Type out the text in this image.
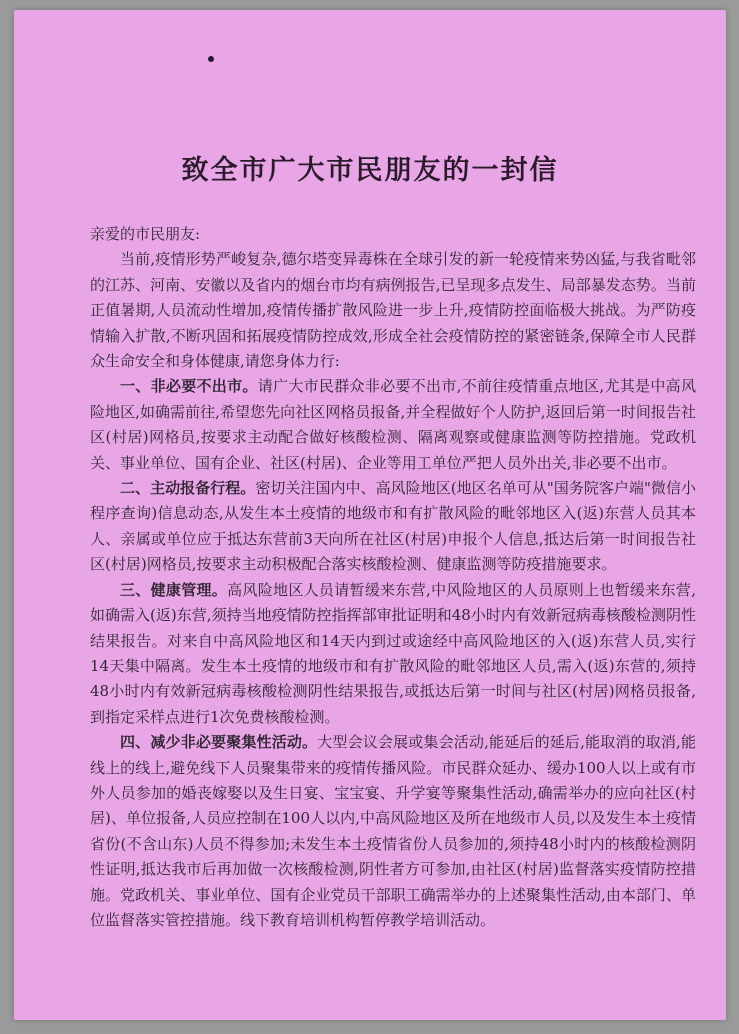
致全市广大市民朋友的一封信

亲爱的市民朋友:

当前,疫情形势严峻复杂,德尔塔变异毒株在全球引发的新一轮疫情来势凶猛,与我省毗邻的江苏、河南、安徽以及省内的烟台市均有病例报告,已呈现多点发生、局部暴发态势。当前正值暑期,人员流动性增加,疫情传播扩散风险进一步上升,疫情防控面临极大挑战。为严防疫情输入扩散,不断巩固和拓展疫情防控成效,形成全社会疫情防控的紧密链条,保障全市人民群众生命安全和身体健康,请您身体力行:

一、非必要不出市。请广大市民群众非必要不出市,不前往疫情重点地区,尤其是中高风险地区,如确需前往,希望您先向社区网格员报备,并全程做好个人防护,返回后第一时间报告社区(村居)网格员,按要求主动配合做好核酸检测、隔离观察或健康监测等防控措施。党政机关、事业单位、国有企业、社区(村居)、企业等用工单位严把人员外出关,非必要不出市。

二、主动报备行程。密切关注国内中、高风险地区(地区名单可从"国务院客户端"微信小程序查询)信息动态,从发生本土疫情的地级市和有扩散风险的毗邻地区入(返)东营人员其本人、亲属或单位应于抵达东营前3天向所在社区(村居)申报个人信息,抵达后第一时间报告社区(村居)网格员,按要求主动积极配合落实核酸检测、健康监测等防疫措施要求。

三、健康管理。高风险地区人员请暂缓来东营,中风险地区的人员原则上也暂缓来东营,如确需入(返)东营,须持当地疫情防控指挥部审批证明和48小时内有效新冠病毒核酸检测阴性结果报告。对来自中高风险地区和14天内到过或途经中高风险地区的入(返)东营人员,实行14天集中隔离。发生本土疫情的地级市和有扩散风险的毗邻地区人员,需入(返)东营的,须持48小时内有效新冠病毒核酸检测阴性结果报告,或抵达后第一时间与社区(村居)网格员报备,到指定采样点进行1次免费核酸检测。

四、减少非必要聚集性活动。大型会议会展或集会活动,能延后的延后,能取消的取消,能线上的线上,避免线下人员聚集带来的疫情传播风险。市民群众延办、缓办100人以上或有市外人员参加的婚丧嫁娶以及生日宴、宝宝宴、升学宴等聚集性活动,确需举办的应向社区(村居)、单位报备,人员应控制在100人以内,中高风险地区及所在地级市人员,以及发生本土疫情省份(不含山东)人员不得参加;未发生本土疫情省份人员参加的,须持48小时内的核酸检测阴性证明,抵达我市后再加做一次核酸检测,阴性者方可参加,由社区(村居)监督落实疫情防控措施。党政机关、事业单位、国有企业党员干部职工确需举办的上述聚集性活动,由本部门、单位监督落实管控措施。线下教育培训机构暂停教学培训活动。
